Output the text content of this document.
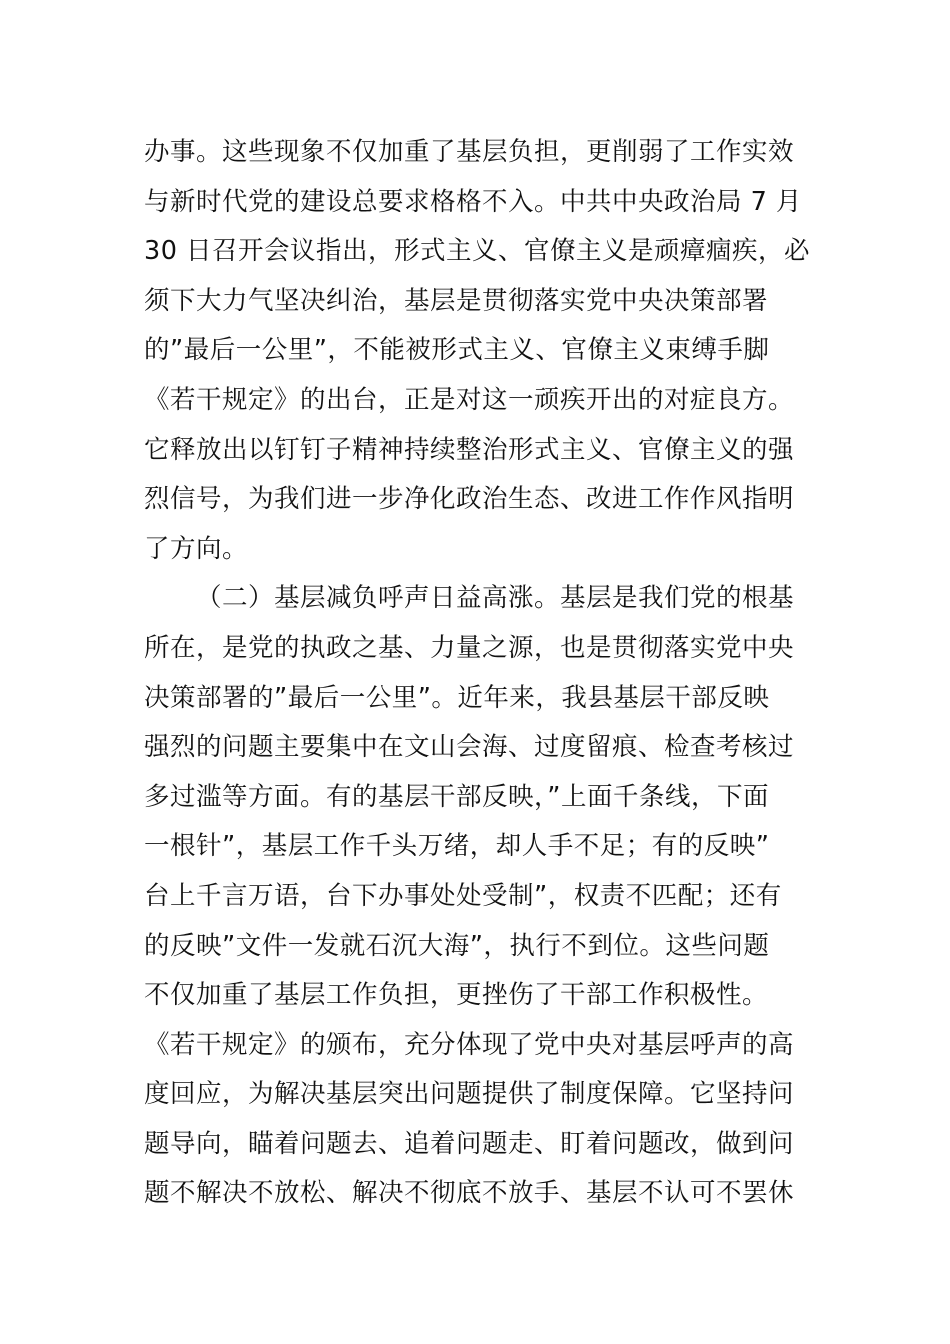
办事。这些现象不仅加重了基层负担，更削弱了工作实效
与新时代党的建设总要求格格不入。中共中央政治局 7 月
30 日召开会议指出，形式主义、官僚主义是顽瘴痼疾，必
须下大力气坚决纠治，基层是贯彻落实党中央决策部署
的”最后一公里”，不能被形式主义、官僚主义束缚手脚
《若干规定》的出台，正是对这一顽疾开出的对症良方。
它释放出以钉钉子精神持续整治形式主义、官僚主义的强
烈信号，为我们进一步净化政治生态、改进工作作风指明
了方向。
（二）基层减负呼声日益高涨。基层是我们党的根基
所在，是党的执政之基、力量之源，也是贯彻落实党中央
决策部署的”最后一公里”。近年来，我县基层干部反映
强烈的问题主要集中在文山会海、过度留痕、检查考核过
多过滥等方面。有的基层干部反映，”上面千条线，下面
一根针”，基层工作千头万绪，却人手不足；有的反映”
台上千言万语，台下办事处处受制”，权责不匹配；还有
的反映”文件一发就石沉大海”，执行不到位。这些问题
不仅加重了基层工作负担，更挫伤了干部工作积极性。
《若干规定》的颁布，充分体现了党中央对基层呼声的高
度回应，为解决基层突出问题提供了制度保障。它坚持问
题导向，瞄着问题去、追着问题走、盯着问题改，做到问
题不解决不放松、解决不彻底不放手、基层不认可不罢休
